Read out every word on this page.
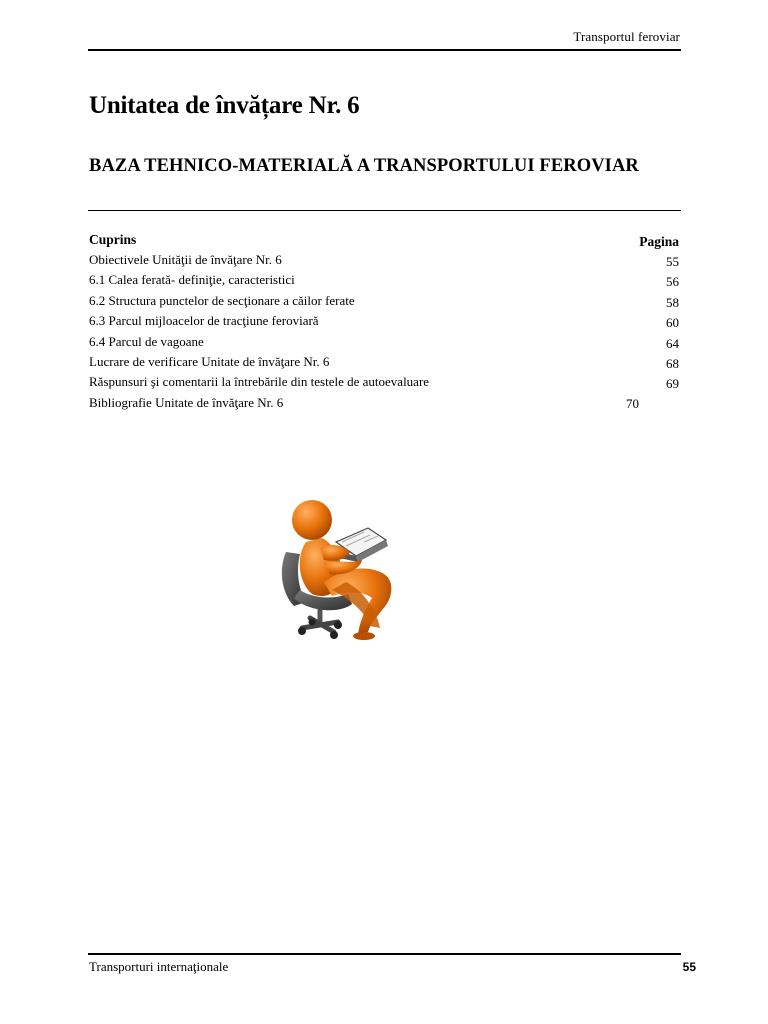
Transportul feroviar
Unitatea de învățare Nr. 6
BAZA TEHNICO-MATERIALĂ A TRANSPORTULUI FEROVIAR
Cuprins	Pagina
Obiectivele Unităţii de învăţare Nr. 6	55
6.1 Calea ferată- definiţie, caracteristici	56
6.2 Structura punctelor de secţionare a căilor ferate	58
6.3 Parcul mijloacelor de tracţiune feroviară	60
6.4 Parcul de vagoane	64
Lucrare de verificare Unitate de învăţare Nr. 6	68
Răspunsuri şi comentarii la întrebările din testele de autoevaluare	69
Bibliografie Unitate de învăţare Nr. 6	70
Transporturi internaţionale	55
